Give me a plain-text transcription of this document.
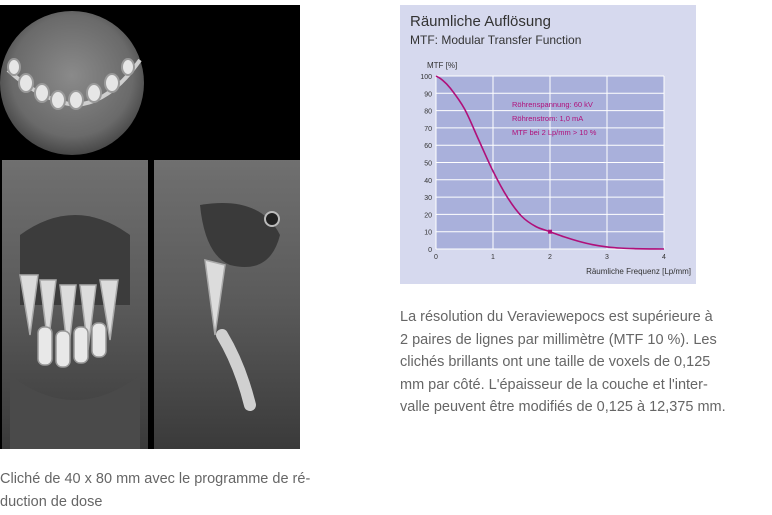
Cliché de 40 x 80 mm avec le programme de ré-
duction de dose
Räumliche Auflösung
MTF: Modular Transfer Function
MTF [%]
Räumliche Frequenz [Lp/mm]
0
10
20
30
40
50
60
70
80
90
100
0	1	2	3	4
Röhrenspannung: 60 kV
Röhrenstrom: 1,0 mA
MTF bei 2 Lp/mm > 10 %
La résolution du Veraviewepocs est supérieure à
2 paires de lignes par millimètre (MTF 10 %). Les
clichés brillants ont une taille de voxels de 0,125
mm par côté. L'épaisseur de la couche et l'inter-
valle peuvent être modifiés de 0,125 à 12,375 mm.
